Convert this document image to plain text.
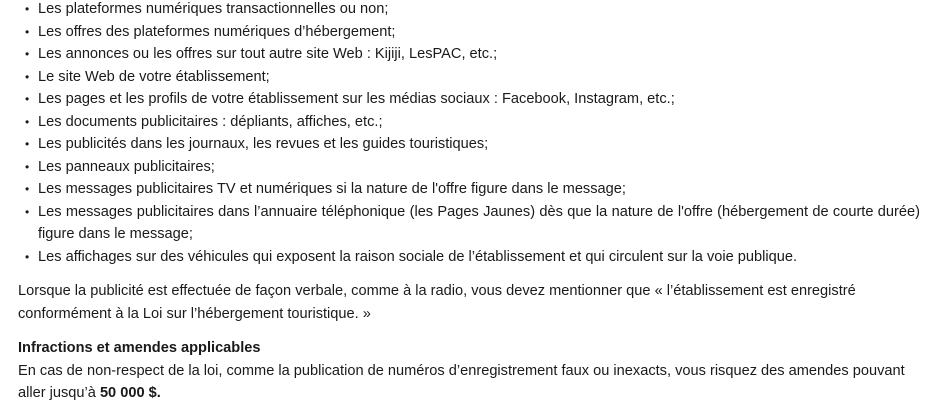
• Les plateformes numériques transactionnelles ou non;
• Les offres des plateformes numériques d’hébergement;
• Les annonces ou les offres sur tout autre site Web : Kijiji, LesPAC, etc.;
• Le site Web de votre établissement;
• Les pages et les profils de votre établissement sur les médias sociaux : Facebook, Instagram, etc.;
• Les documents publicitaires : dépliants, affiches, etc.;
• Les publicités dans les journaux, les revues et les guides touristiques;
• Les panneaux publicitaires;
• Les messages publicitaires TV et numériques si la nature de l'offre figure dans le message;
• Les messages publicitaires dans l’annuaire téléphonique (les Pages Jaunes) dès que la nature de l'offre (hébergement de courte durée) figure dans le message;
• Les affichages sur des véhicules qui exposent la raison sociale de l’établissement et qui circulent sur la voie publique.

Lorsque la publicité est effectuée de façon verbale, comme à la radio, vous devez mentionner que « l’établissement est enregistré conformément à la Loi sur l’hébergement touristique. »

Infractions et amendes applicables

En cas de non-respect de la loi, comme la publication de numéros d’enregistrement faux ou inexacts, vous risquez des amendes pouvant aller jusqu’à 50 000 $.
